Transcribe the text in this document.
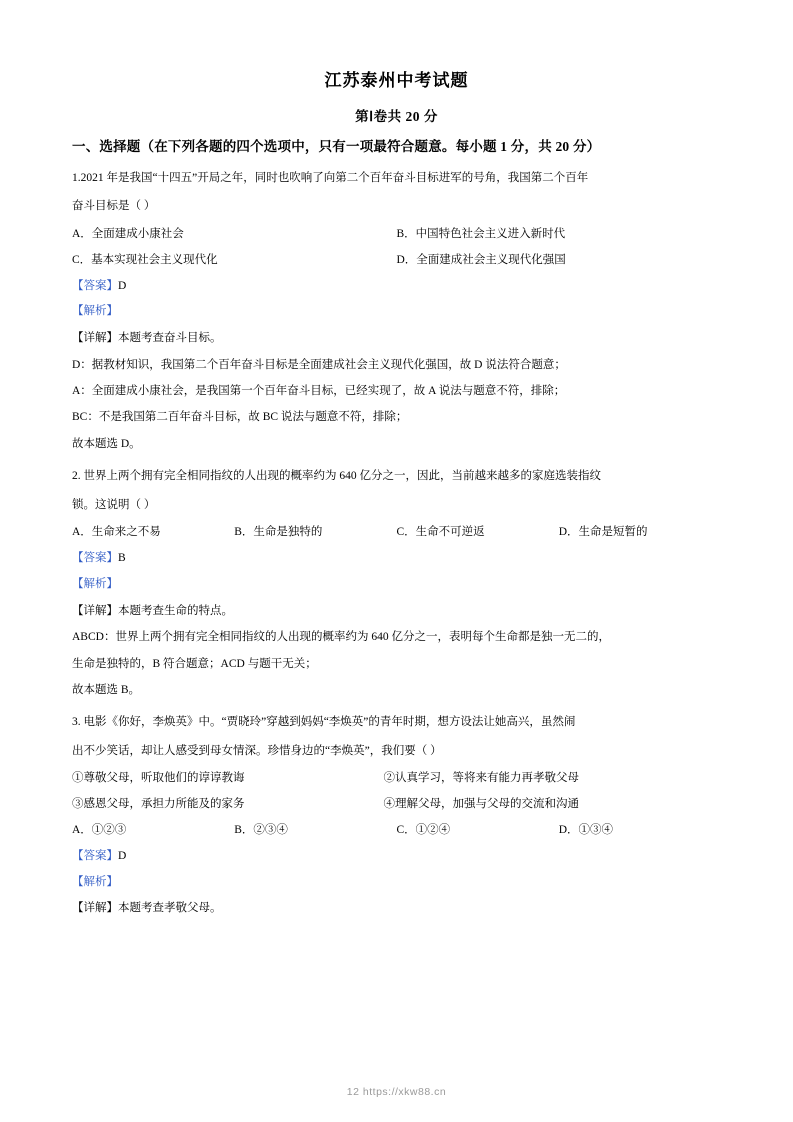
江苏泰州中考试题
第Ⅰ卷共 20 分
一、选择题（在下列各题的四个选项中，只有一项最符合题意。每小题 1 分，共 20 分）
1.2021 年是我国“十四五”开局之年，同时也吹响了向第二个百年奋斗目标进军的号角，我国第二个百年
奋斗目标是（ ）
A．全面建成小康社会	B．中国特色社会主义进入新时代
C．基本实现社会主义现代化	D．全面建成社会主义现代化强国
【答案】D
【解析】
【详解】本题考查奋斗目标。
D：据教材知识，我国第二个百年奋斗目标是全面建成社会主义现代化强国，故 D 说法符合题意；
A：全面建成小康社会，是我国第一个百年奋斗目标，已经实现了，故 A 说法与题意不符，排除；
BC：不是我国第二百年奋斗目标，故 BC 说法与题意不符，排除；
故本题选 D。
2. 世界上两个拥有完全相同指纹的人出现的概率约为 640 亿分之一，因此，当前越来越多的家庭选装指纹
锁。这说明（ ）
A．生命来之不易	B．生命是独特的	C．生命不可逆返	D．生命是短暂的
【答案】B
【解析】
【详解】本题考查生命的特点。
ABCD：世界上两个拥有完全相同指纹的人出现的概率约为 640 亿分之一，表明每个生命都是独一无二的，
生命是独特的，B 符合题意；ACD 与题干无关；
故本题选 B。
3. 电影《你好，李焕英》中。“贾晓玲”穿越到妈妈“李焕英”的青年时期，想方设法让她高兴，虽然闹
出不少笑话，却让人感受到母女情深。珍惜身边的“李焕英”，我们要（ ）
①尊敬父母，听取他们的谆谆教诲	②认真学习，等将来有能力再孝敬父母
③感恩父母，承担力所能及的家务	④理解父母，加强与父母的交流和沟通
A．①②③	B．②③④	C．①②④	D．①③④
【答案】D
【解析】
【详解】本题考查孝敬父母。
12 https://xkw88.cn
